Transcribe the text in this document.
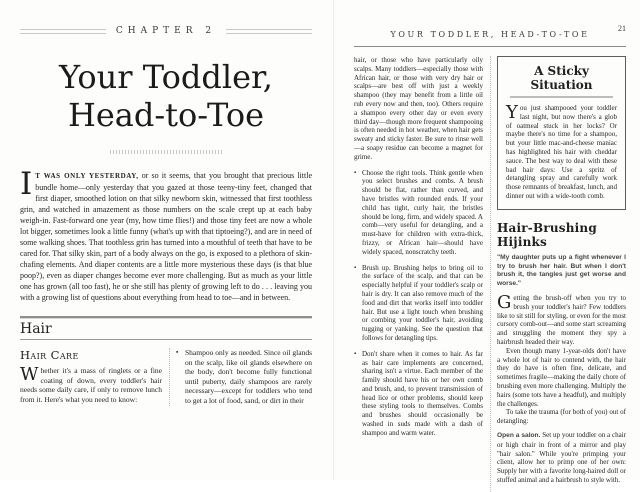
CHAPTER 2
Your Toddler,
Head-to-Toe

I T WAS ONLY YESTERDAY, or so it seems, that you brought that precious little bundle home—only yesterday that you gazed at those teeny-tiny feet, changed that first diaper, smoothed lotion on that silky newborn skin, witnessed that first toothless grin, and watched in amazement as those numbers on the scale crept up at each baby weigh-in. Fast-forward one year (my, how time flies!) and those tiny feet are now a whole lot bigger, sometimes look a little funny (what's up with that tiptoeing?), and are in need of some walking shoes. That toothless grin has turned into a mouthful of teeth that have to be cared for. That silky skin, part of a body always on the go, is exposed to a plethora of skin-chafing elements. And diaper contents are a little more mysterious these days (is that blue poop?), even as diaper changes become ever more challenging. But as much as your little one has grown (all too fast), he or she still has plenty of growing left to do . . . leaving you with a growing list of questions about everything from head to toe—and in between.

Hair
Hair Care

Whether it's a mass of ringlets or a fine coating of down, every toddler's hair needs some daily care, if only to remove lunch from it. Here's what you need to know:

▪ Shampoo only as needed. Since oil glands on the scalp, like oil glands elsewhere on the body, don't become fully functional until puberty, daily shampoos are rarely necessary—except for toddlers who tend to get a lot of food, sand, or dirt in their
YOUR TODDLER, HEAD-TO-TOE
21

hair, or those who have particularly oily scalps. Many toddlers—especially those with African hair, or those with very dry hair or scalps—are best off with just a weekly shampoo (they may benefit from a little oil rub every now and then, too). Others require a shampoo every other day or even every third day—though more frequent shampooing is often needed in hot weather, when hair gets sweaty and sticky faster. Be sure to rinse well—a soapy residue can become a magnet for grime.

▪ Choose the right tools. Think gentle when you select brushes and combs. A brush should be flat, rather than curved, and have bristles with rounded ends. If your child has tight, curly hair, the bristles should be long, firm, and widely spaced. A comb—very useful for detangling, and a must-have for children with extra-thick, frizzy, or African hair—should have widely spaced, nonscratchy teeth.
▪ Brush up. Brushing helps to bring oil to the surface of the scalp, and that can be especially helpful if your toddler's scalp or hair is dry. It can also remove much of the food and dirt that works itself into toddler hair. But use a light touch when brushing or combing your toddler's hair, avoiding tugging or yanking. See the question that follows for detangling tips.
▪ Don't share when it comes to hair. As far as hair care implements are concerned, sharing isn't a virtue. Each member of the family should have his or her own comb and brush, and, to prevent transmission of head lice or other problems, should keep these styling tools to themselves. Combs and brushes should occasionally be washed in suds made with a dash of shampoo and warm water.
A Sticky Situation

You just shampooed your toddler last night, but now there's a glob of oatmeal stuck in her locks? Or maybe there's no time for a shampoo, but your little mac-and-cheese maniac has highlighted his hair with cheddar sauce. The best way to deal with these bad hair days: Use a spritz of detangling spray and carefully work those remnants of breakfast, lunch, and dinner out with a wide-tooth comb.

Hair-Brushing Hijinks

"My daughter puts up a fight whenever I try to brush her hair. But when I don't brush it, the tangles just get worse and worse."

Getting the brush-off when you try to brush your toddler's hair? Few toddlers like to sit still for styling, or even for the most cursory comb-out—and some start screaming and struggling the moment they spy a hairbrush headed their way.

Even though many 1-year-olds don't have a whole lot of hair to contend with, the hair they do have is often fine, delicate, and sometimes fragile—making the daily chore of brushing even more challenging. Multiply the hairs (some tots have a headful), and multiply the challenges.

To take the trauma (for both of you) out of detangling:

Open a salon. Set up your toddler on a chair or high chair in front of a mirror and play "hair salon." While you're primping your client, allow her to primp one of her own: Supply her with a favorite long-haired doll or stuffed animal and a hairbrush to style with.
